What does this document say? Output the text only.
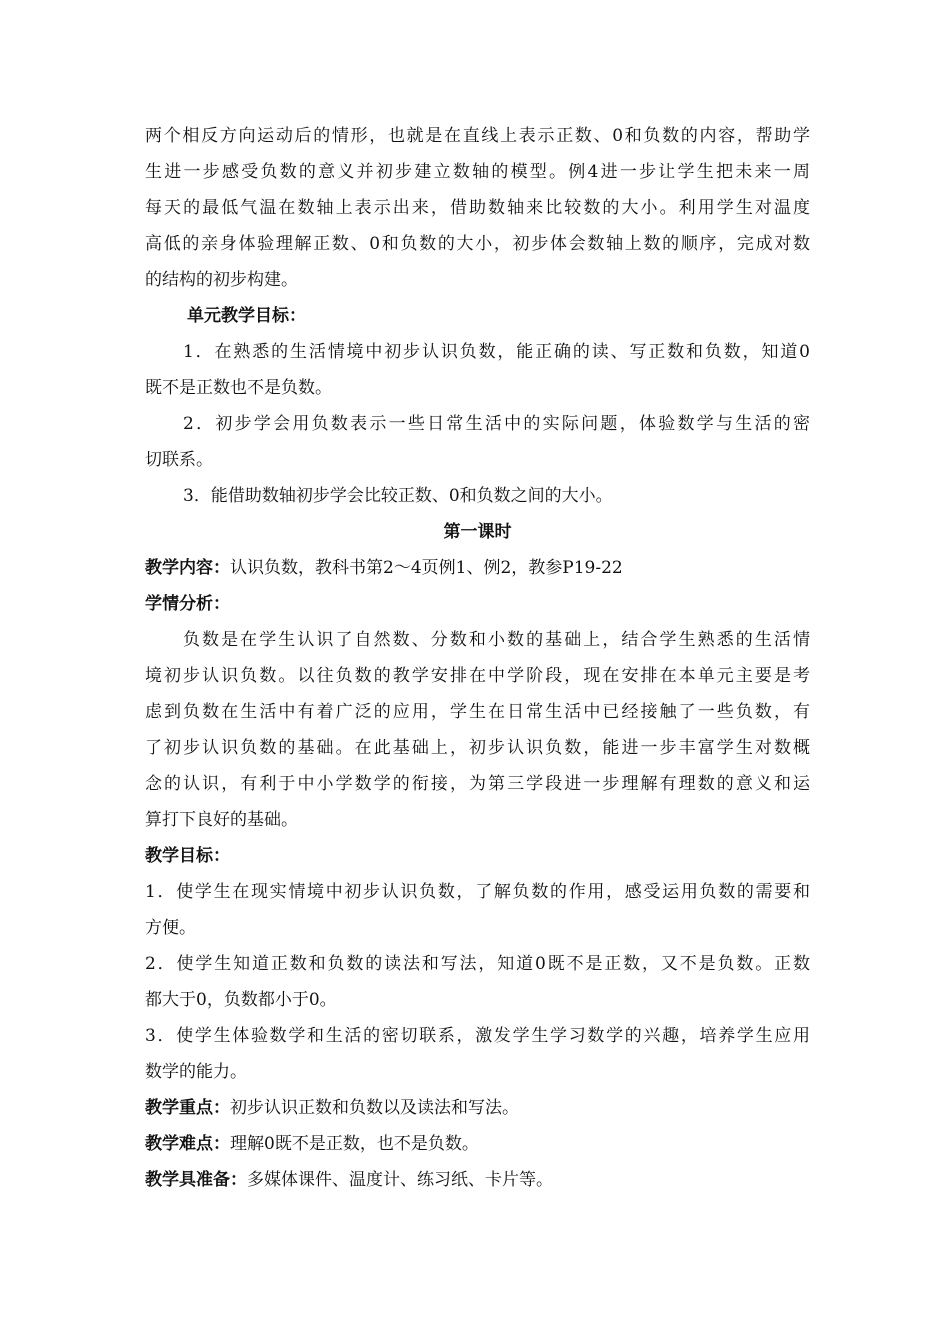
两个相反方向运动后的情形，也就是在直线上表示正数、0和负数的内容，帮助学
生进一步感受负数的意义并初步建立数轴的模型。例4进一步让学生把未来一周
每天的最低气温在数轴上表示出来，借助数轴来比较数的大小。利用学生对温度
高低的亲身体验理解正数、0和负数的大小，初步体会数轴上数的顺序，完成对数
的结构的初步构建。
单元教学目标：
1．在熟悉的生活情境中初步认识负数，能正确的读、写正数和负数，知道0
既不是正数也不是负数。
2．初步学会用负数表示一些日常生活中的实际问题，体验数学与生活的密
切联系。
3．能借助数轴初步学会比较正数、0和负数之间的大小。
第一课时
教学内容：认识负数，教科书第2～4页例1、例2，教参P19-22
学情分析：
负数是在学生认识了自然数、分数和小数的基础上，结合学生熟悉的生活情
境初步认识负数。以往负数的教学安排在中学阶段，现在安排在本单元主要是考
虑到负数在生活中有着广泛的应用，学生在日常生活中已经接触了一些负数，有
了初步认识负数的基础。在此基础上，初步认识负数，能进一步丰富学生对数概
念的认识，有利于中小学数学的衔接，为第三学段进一步理解有理数的意义和运
算打下良好的基础。
教学目标：
1．使学生在现实情境中初步认识负数，了解负数的作用，感受运用负数的需要和
方便。
2．使学生知道正数和负数的读法和写法，知道0既不是正数，又不是负数。正数
都大于0，负数都小于0。
3．使学生体验数学和生活的密切联系，激发学生学习数学的兴趣，培养学生应用
数学的能力。
教学重点：初步认识正数和负数以及读法和写法。
教学难点：理解0既不是正数，也不是负数。
教学具准备：多媒体课件、温度计、练习纸、卡片等。
